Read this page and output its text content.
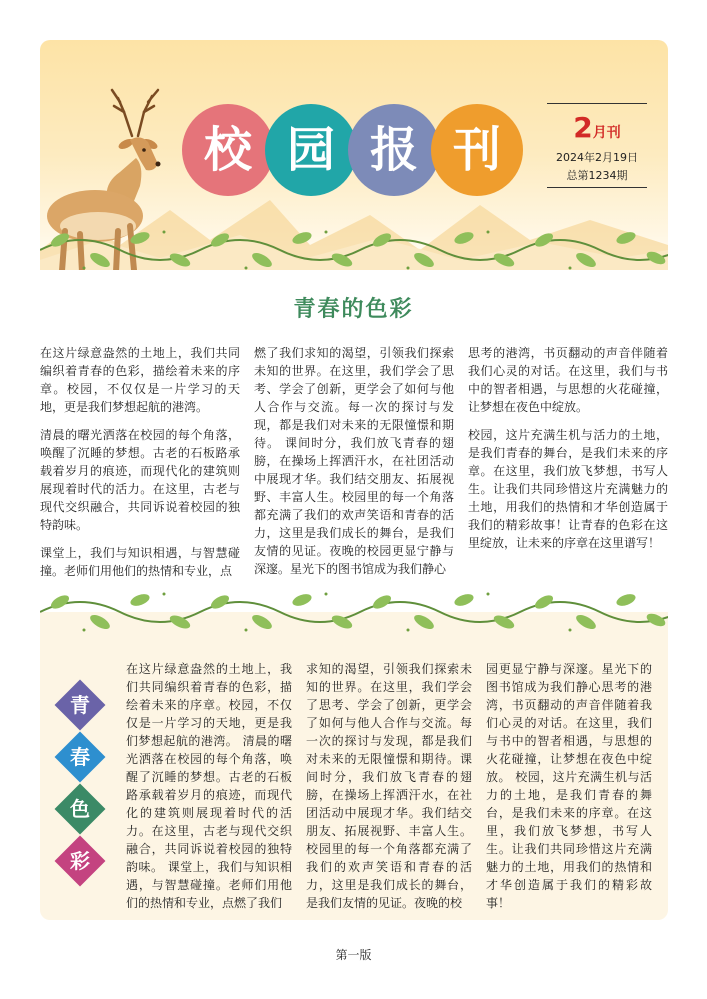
校 园 报 刊	2月刊
2024年2月19日
总第1234期
青春的色彩

在这片绿意盎然的土地上，我们共同编织着青春的色彩，描绘着未来的序章。校园，不仅仅是一片学习的天地，更是我们梦想起航的港湾。

清晨的曙光洒落在校园的每个角落，唤醒了沉睡的梦想。古老的石板路承载着岁月的痕迹，而现代化的建筑则展现着时代的活力。在这里，古老与现代交织融合，共同诉说着校园的独特韵味。

课堂上，我们与知识相遇，与智慧碰撞。老师们用他们的热情和专业，点

燃了我们求知的渴望，引领我们探索未知的世界。在这里，我们学会了思考、学会了创新，更学会了如何与他人合作与交流。每一次的探讨与发现，都是我们对未来的无限憧憬和期待。 课间时分，我们放飞青春的翅膀，在操场上挥洒汗水，在社团活动中展现才华。我们结交朋友、拓展视野、丰富人生。校园里的每一个角落都充满了我们的欢声笑语和青春的活力，这里是我们成长的舞台，是我们友情的见证。夜晚的校园更显宁静与深邃。星光下的图书馆成为我们静心

思考的港湾，书页翻动的声音伴随着我们心灵的对话。在这里，我们与书中的智者相遇，与思想的火花碰撞，让梦想在夜色中绽放。

校园，这片充满生机与活力的土地，是我们青春的舞台，是我们未来的序章。在这里，我们放飞梦想，书写人生。让我们共同珍惜这片充满魅力的土地，用我们的热情和才华创造属于我们的精彩故事！让青春的色彩在这里绽放，让未来的序章在这里谱写！

青
春
色
彩
在这片绿意盎然的土地上，我们共同编织着青春的色彩，描绘着未来的序章。校园，不仅仅是一片学习的天地，更是我们梦想起航的港湾。 清晨的曙光洒落在校园的每个角落，唤醒了沉睡的梦想。古老的石板路承载着岁月的痕迹，而现代化的建筑则展现着时代的活力。在这里，古老与现代交织融合，共同诉说着校园的独特韵味。 课堂上，我们与知识相遇，与智慧碰撞。老师们用他们的热情和专业，点燃了我们
求知的渴望，引领我们探索未知的世界。在这里，我们学会了思考、学会了创新，更学会了如何与他人合作与交流。每一次的探讨与发现，都是我们对未来的无限憧憬和期待。课间时分，我们放飞青春的翅膀，在操场上挥洒汗水，在社团活动中展现才华。我们结交朋友、拓展视野、丰富人生。 校园里的每一个角落都充满了我们的欢声笑语和青春的活力，这里是我们成长的舞台，是我们友情的见证。夜晚的校
园更显宁静与深邃。星光下的图书馆成为我们静心思考的港湾，书页翻动的声音伴随着我们心灵的对话。在这里，我们与书中的智者相遇，与思想的火花碰撞，让梦想在夜色中绽放。 校园，这片充满生机与活力的土地，是我们青春的舞台，是我们未来的序章。在这里，我们放飞梦想，书写人生。让我们共同珍惜这片充满魅力的土地，用我们的热情和才华创造属于我们的精彩故事！
第一版
